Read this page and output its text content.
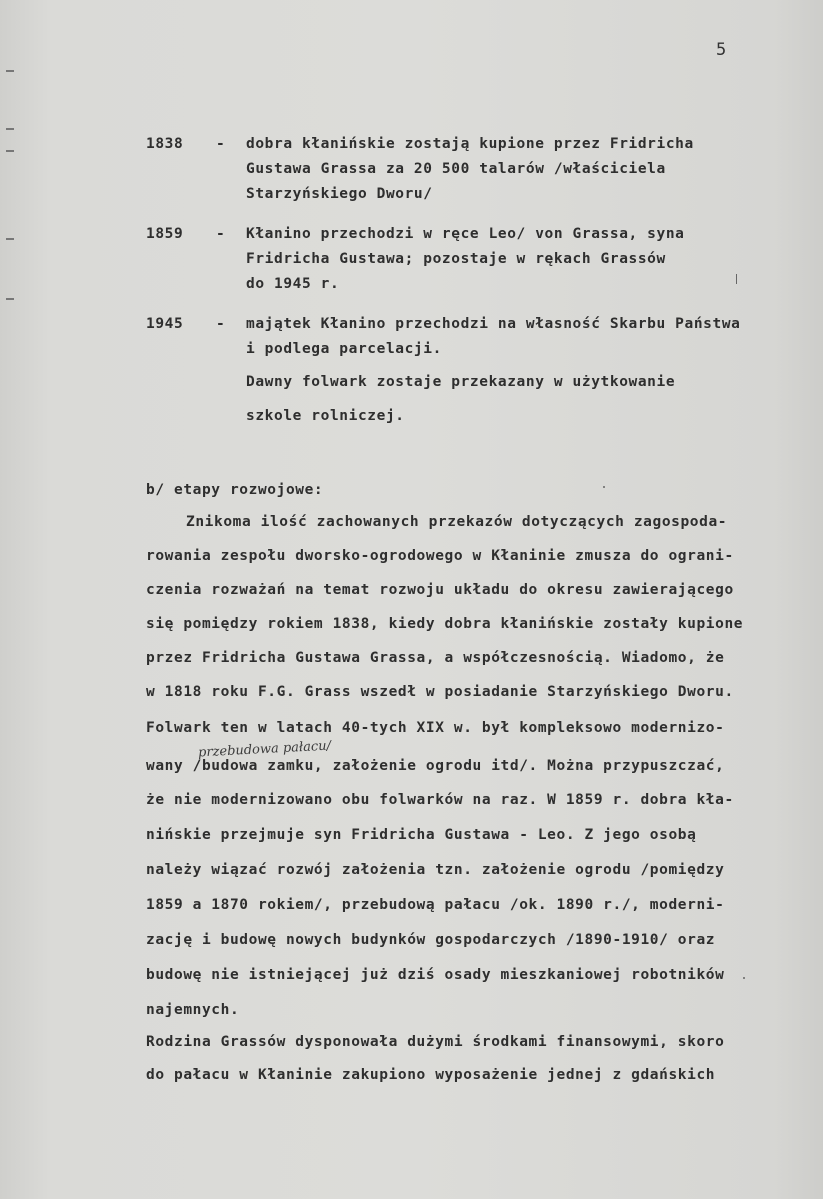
5
1838 - dobra kłanińskie zostają kupione przez Fridricha
Gustawa Grassa za 20 500 talarów /właściciela
Starzyńskiego Dworu/
1859 - Kłanino przechodzi w ręce Leo/ von Grassa, syna
Fridricha Gustawa; pozostaje w rękach Grassów
do 1945 r.
1945 - majątek Kłanino przechodzi na własność Skarbu Państwa
i podlega parcelacji.
Dawny folwark zostaje przekazany w użytkowanie
szkole rolniczej.
b/ etapy rozwojowe:
przebudowa pałacu/
Znikoma ilość zachowanych przekazów dotyczących zagospoda-
rowania zespołu dworsko-ogrodowego w Kłaninie zmusza do ograni-
czenia rozważań na temat rozwoju układu do okresu zawierającego
się pomiędzy rokiem 1838, kiedy dobra kłanińskie zostały kupione
przez Fridricha Gustawa Grassa, a współczesnością. Wiadomo, że
w 1818 roku F.G. Grass wszedł w posiadanie Starzyńskiego Dworu.
Folwark ten w latach 40-tych XIX w. był kompleksowo modernizo-
wany /budowa zamku, założenie ogrodu itd/. Można przypuszczać,
że nie modernizowano obu folwarków na raz. W 1859 r. dobra kła-
nińskie przejmuje syn Fridricha Gustawa - Leo. Z jego osobą
należy wiązać rozwój założenia tzn. założenie ogrodu /pomiędzy
1859 a 1870 rokiem/, przebudową pałacu /ok. 1890 r./, moderni-
zację i budowę nowych budynków gospodarczych /1890-1910/ oraz
budowę nie istniejącej już dziś osady mieszkaniowej robotników
najemnych.
Rodzina Grassów dysponowała dużymi środkami finansowymi, skoro
do pałacu w Kłaninie zakupiono wyposażenie jednej z gdańskich
